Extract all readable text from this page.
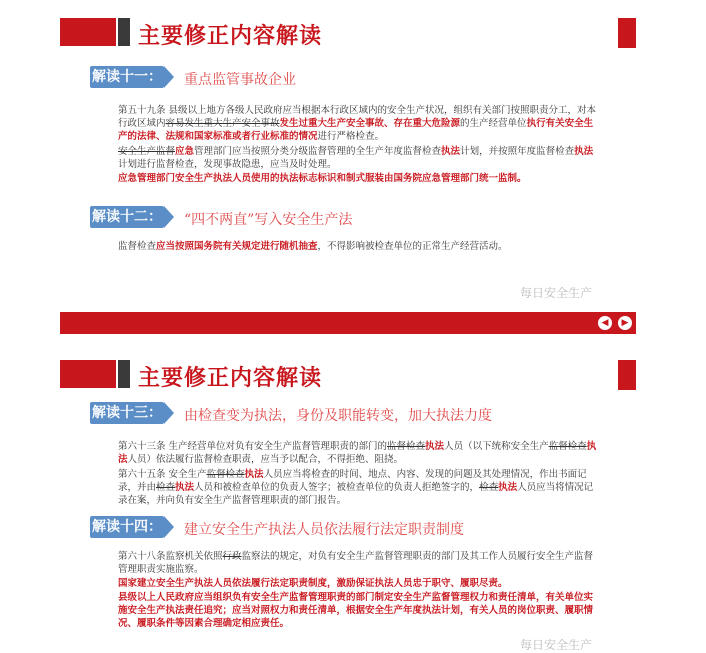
主要修正内容解读
解读十一： 重点监管事故企业
第五十九条 县级以上地方各级人民政府应当根据本行政区域内的安全生产状况，组织有关部门按照职责分工，对本行政区域内容易发生重大生产安全事故发生过重大生产安全事故、存在重大危险源的生产经营单位执行有关安全生产的法律、法规和国家标准或者行业标准的情况进行严格检查。
安全生产监督应急管理部门应当按照分类分级监督管理的全生产年度监督检查执法计划，并按照年度监督检查执法计划进行监督检查，发现事故隐患，应当及时处理。
应急管理部门安全生产执法人员使用的执法标志标识和制式服装由国务院应急管理部门统一监制。
解读十二： “四不两直”写入安全生产法
监督检查应当按照国务院有关规定进行随机抽查，不得影响被检查单位的正常生产经营活动。
每日安全生产
◀	▶
主要修正内容解读
解读十三： 由检查变为执法，身份及职能转变，加大执法力度
第六十三条 生产经营单位对负有安全生产监督管理职责的部门的监督检查执法人员（以下统称安全生产监督检查执法人员）依法履行监督检查职责，应当予以配合，不得拒绝、阻挠。
第六十五条 安全生产监督检查执法人员应当将检查的时间、地点、内容、发现的问题及其处理情况，作出书面记录，并由检查执法人员和被检查单位的负责人签字；被检查单位的负责人拒绝签字的，检查执法人员应当将情况记录在案，并向负有安全生产监督管理职责的部门报告。
解读十四： 建立安全生产执法人员依法履行法定职责制度
第六十八条监察机关依照行政监察法的规定，对负有安全生产监督管理职责的部门及其工作人员履行安全生产监督管理职责实施监察。
国家建立安全生产执法人员依法履行法定职责制度，激励保证执法人员忠于职守、履职尽责。
县级以上人民政府应当组织负有安全生产监督管理职责的部门制定安全生产监督管理权力和责任清单，有关单位实施安全生产执法责任追究；应当对照权力和责任清单，根据安全生产年度执法计划，有关人员的岗位职责、履职情况、履职条件等因素合理确定相应责任。
每日安全生产
